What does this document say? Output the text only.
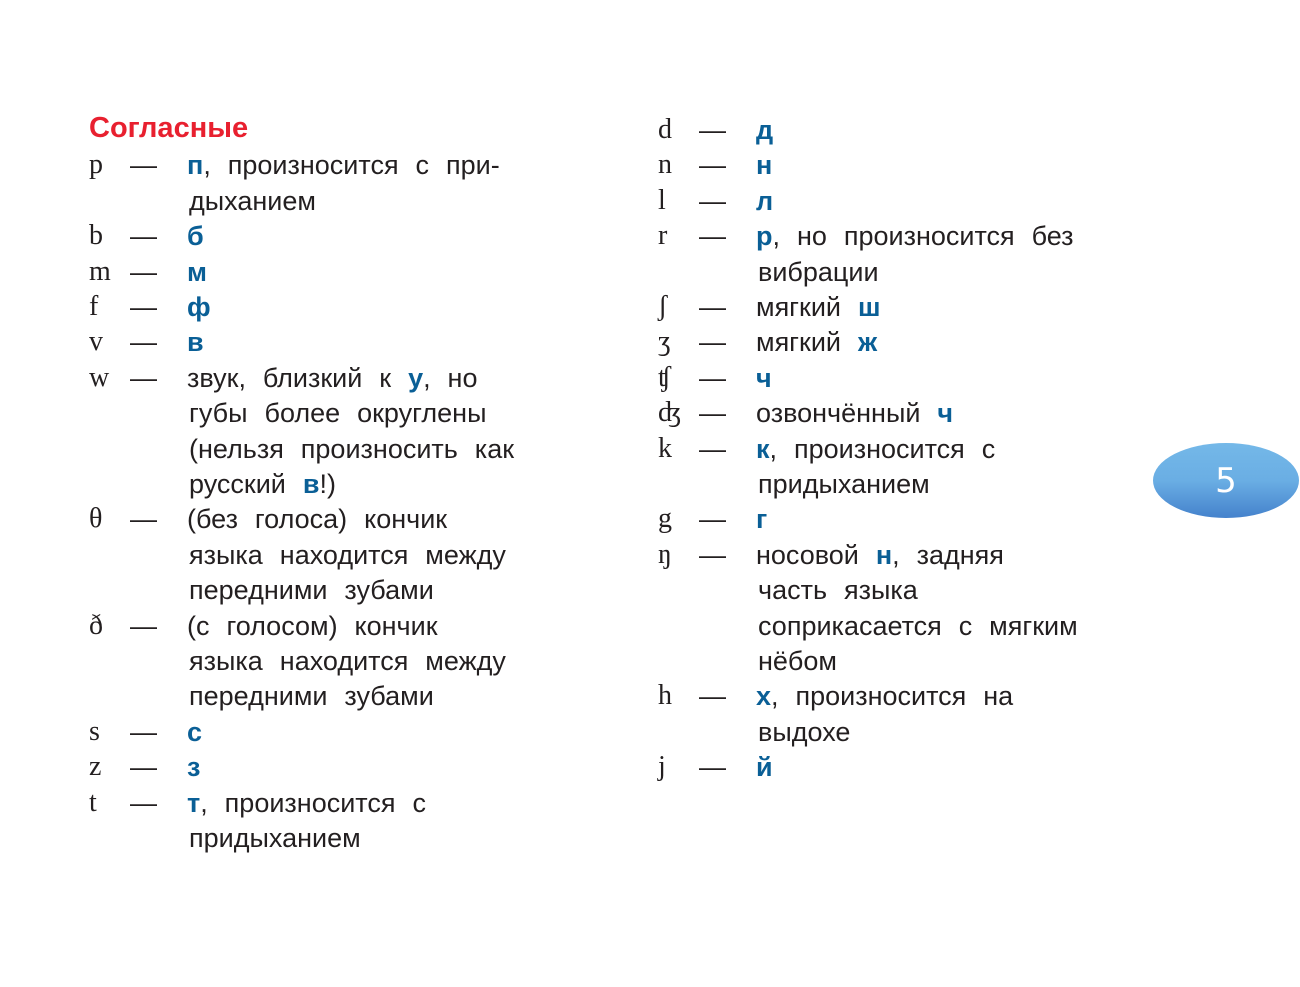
Согласные
p — п, произносится с при-
дыханием
b — б
m — м
f — ф
v — в
w — звук, близкий к у, но
губы более округлены
(нельзя произносить как
русский в!)
θ — (без голоса) кончик
языка находится между
передними зубами
ð — (с голосом) кончик
языка находится между
передними зубами
s — с
z — з
t — т, произносится с
придыханием
d — д
n — н
l — л
r — р, но произносится без
вибрации
ʃ — мягкий ш
ʒ — мягкий ж
ʧ — ч
ʤ — озвончённый ч
k — к, произносится с
придыханием
g — г
ŋ — носовой н, задняя
часть языка
соприкасается с мягким
нёбом
h — х, произносится на
выдохе
j — й
5
